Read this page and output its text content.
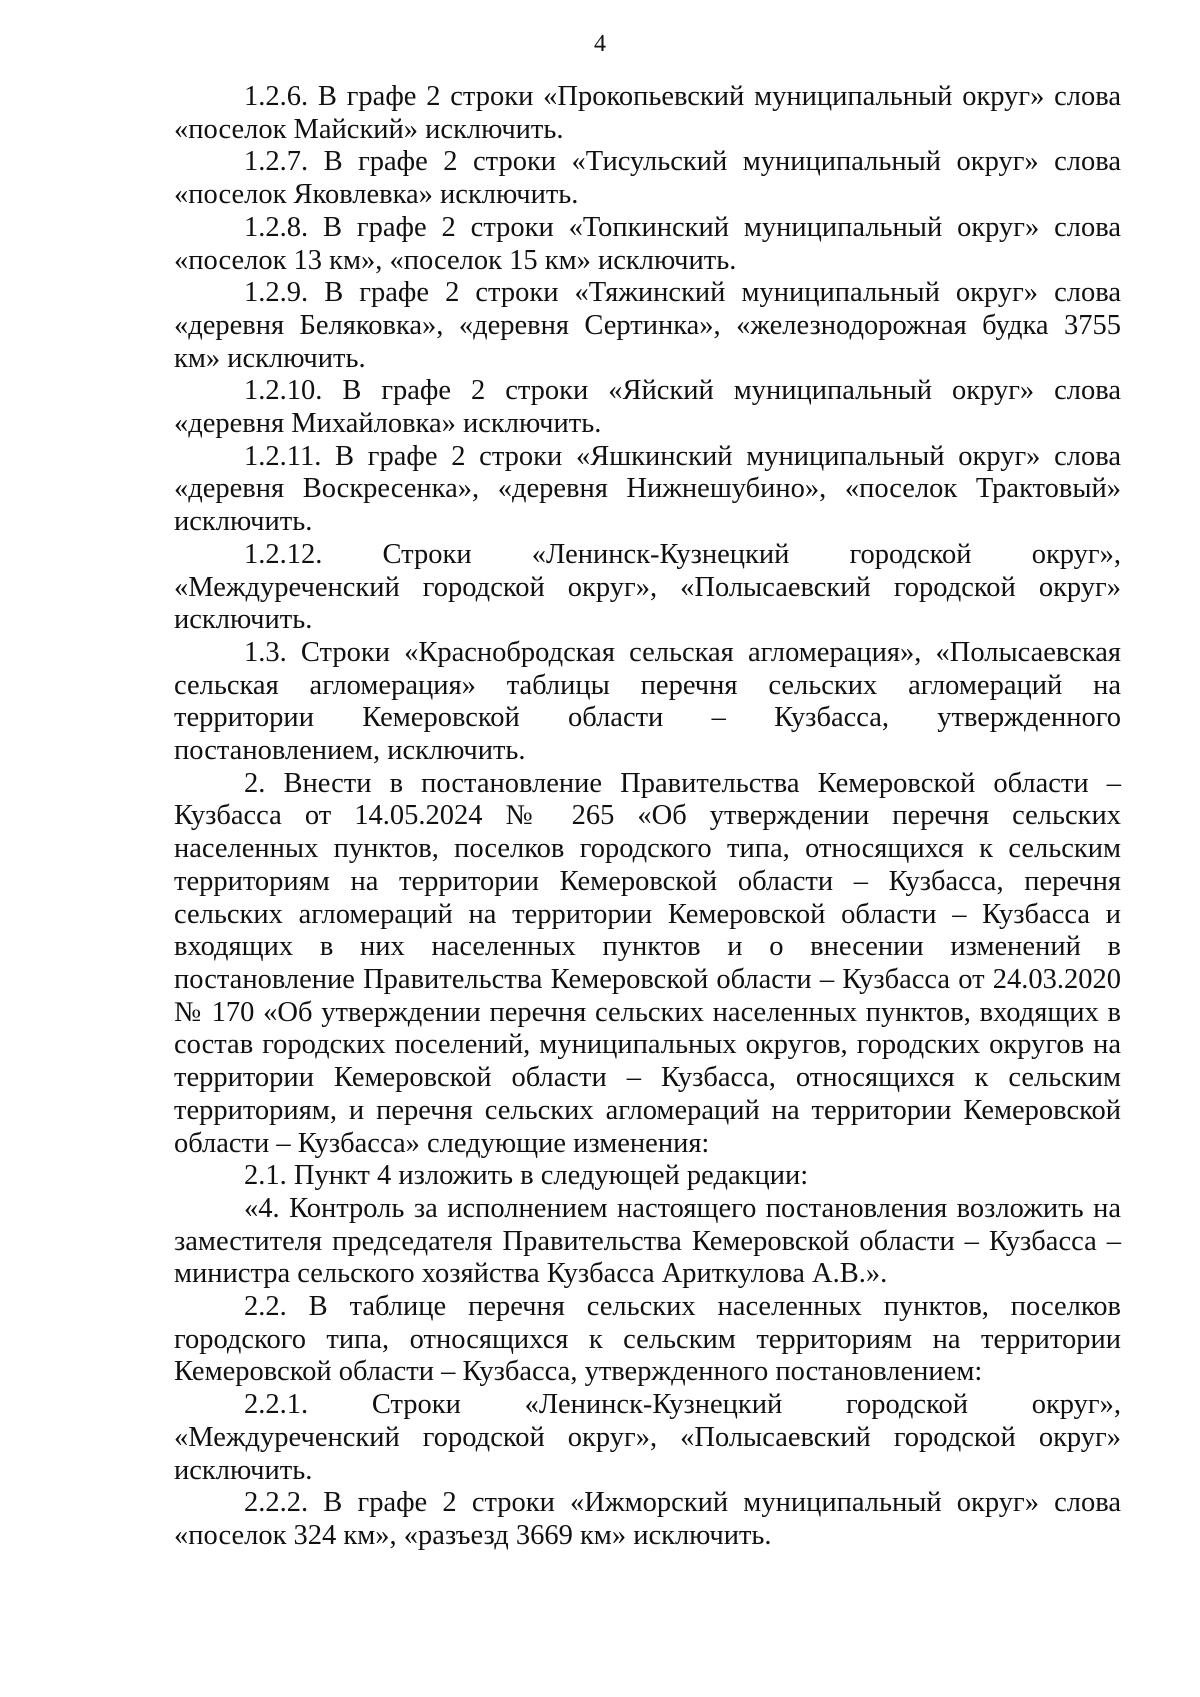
4

1.2.6. В графе 2 строки «Прокопьевский муниципальный округ» слова «поселок Майский» исключить.

1.2.7. В графе 2 строки «Тисульский муниципальный округ» слова «поселок Яковлевка» исключить.

1.2.8. В графе 2 строки «Топкинский муниципальный округ» слова «поселок 13 км», «поселок 15 км» исключить.

1.2.9. В графе 2 строки «Тяжинский муниципальный округ» слова «деревня Беляковка», «деревня Сертинка», «железнодорожная будка 3755 км» исключить.

1.2.10. В графе 2 строки «Яйский муниципальный округ» слова «деревня Михайловка» исключить.

1.2.11. В графе 2 строки «Яшкинский муниципальный округ» слова «деревня Воскресенка», «деревня Нижнешубино», «поселок Трактовый» исключить.

1.2.12. Строки «Ленинск-Кузнецкий городской округ», «Междуреченский городской округ», «Полысаевский городской округ» исключить.

1.3. Строки «Краснобродская сельская агломерация», «Полысаевская сельская агломерация» таблицы перечня сельских агломераций на территории Кемеровской области – Кузбасса, утвержденного постановлением, исключить.

2. Внести в постановление Правительства Кемеровской области – Кузбасса от 14.05.2024 № 265 «Об утверждении перечня сельских населенных пунктов, поселков городского типа, относящихся к сельским территориям на территории Кемеровской области – Кузбасса, перечня сельских агломераций на территории Кемеровской области – Кузбасса и входящих в них населенных пунктов и о внесении изменений в постановление Правительства Кемеровской области – Кузбасса от 24.03.2020 № 170 «Об утверждении перечня сельских населенных пунктов, входящих в состав городских поселений, муниципальных округов, городских округов на территории Кемеровской области – Кузбасса, относящихся к сельским территориям, и перечня сельских агломераций на территории Кемеровской области – Кузбасса» следующие изменения:

2.1. Пункт 4 изложить в следующей редакции:

«4. Контроль за исполнением настоящего постановления возложить на заместителя председателя Правительства Кемеровской области – Кузбасса – министра сельского хозяйства Кузбасса Ариткулова А.В.».

2.2. В таблице перечня сельских населенных пунктов, поселков городского типа, относящихся к сельским территориям на территории Кемеровской области – Кузбасса, утвержденного постановлением:

2.2.1. Строки «Ленинск-Кузнецкий городской округ», «Междуреченский городской округ», «Полысаевский городской округ» исключить.

2.2.2. В графе 2 строки «Ижморский муниципальный округ» слова «поселок 324 км», «разъезд 3669 км» исключить.
